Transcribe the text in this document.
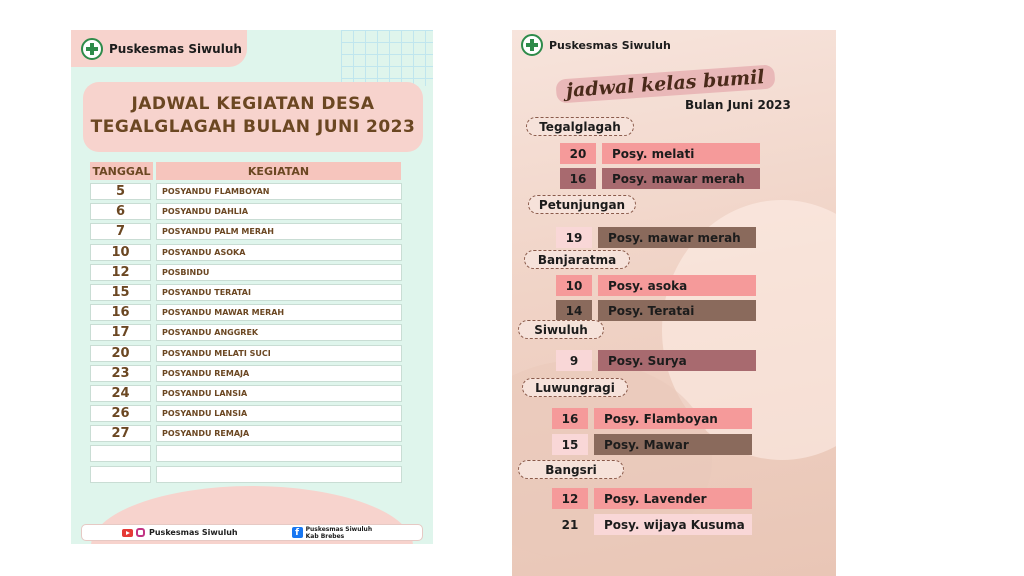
Puskesmas Siwuluh
JADWAL KEGIATAN DESA
TEGALGLAGAH BULAN JUNI 2023
TANGGAL	KEGIATAN
5	POSYANDU FLAMBOYAN
6	POSYANDU DAHLIA
7	POSYANDU PALM MERAH
10	POSYANDU ASOKA
12	POSBINDU
15	POSYANDU TERATAI
16	POSYANDU MAWAR MERAH
17	POSYANDU ANGGREK
20	POSYANDU MELATI SUCI
23	POSYANDU REMAJA
24	POSYANDU LANSIA
26	POSYANDU LANSIA
27	POSYANDU REMAJA
Puskesmas Siwuluh	f	Puskesmas Siwuluh
Kab Brebes
Puskesmas Siwuluh
jadwal kelas bumil
Bulan Juni 2023
Tegalglagah
20	Posy. melati
16	Posy. mawar merah
Petunjungan
19	Posy. mawar merah
Banjaratma
10	Posy. asoka
14	Posy. Teratai
Siwuluh
9	Posy. Surya
Luwungragi
16	Posy. Flamboyan
15	Posy. Mawar
Bangsri
12	Posy. Lavender
21	Posy. wijaya Kusuma
